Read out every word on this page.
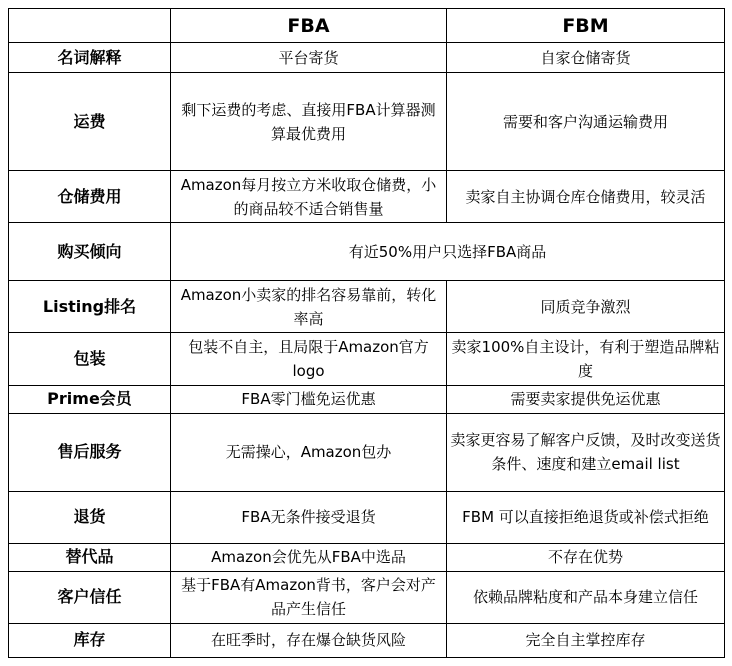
	FBA	FBM
名词解释	平台寄货	自家仓储寄货
运费	剩下运费的考虑、直接用FBA计算器测算最优费用	需要和客户沟通运输费用
仓储费用	Amazon每月按立方米收取仓储费，小的商品较不适合销售量	卖家自主协调仓库仓储费用，较灵活
购买倾向	有近50%用户只选择FBA商品	
Listing排名	Amazon小卖家的排名容易靠前，转化率高	同质竞争激烈
包装	包装不自主，且局限于Amazon官方logo	卖家100%自主设计，有利于塑造品牌粘度
Prime会员	FBA零门槛免运优惠	需要卖家提供免运优惠
售后服务	无需操心，Amazon包办	卖家更容易了解客户反馈，及时改变送货条件、速度和建立email list
退货	FBA无条件接受退货	FBM 可以直接拒绝退货或补偿式拒绝
替代品	Amazon会优先从FBA中选品	不存在优势
客户信任	基于FBA有Amazon背书，客户会对产品产生信任	依赖品牌粘度和产品本身建立信任
库存	在旺季时，存在爆仓缺货风险	完全自主掌控库存
